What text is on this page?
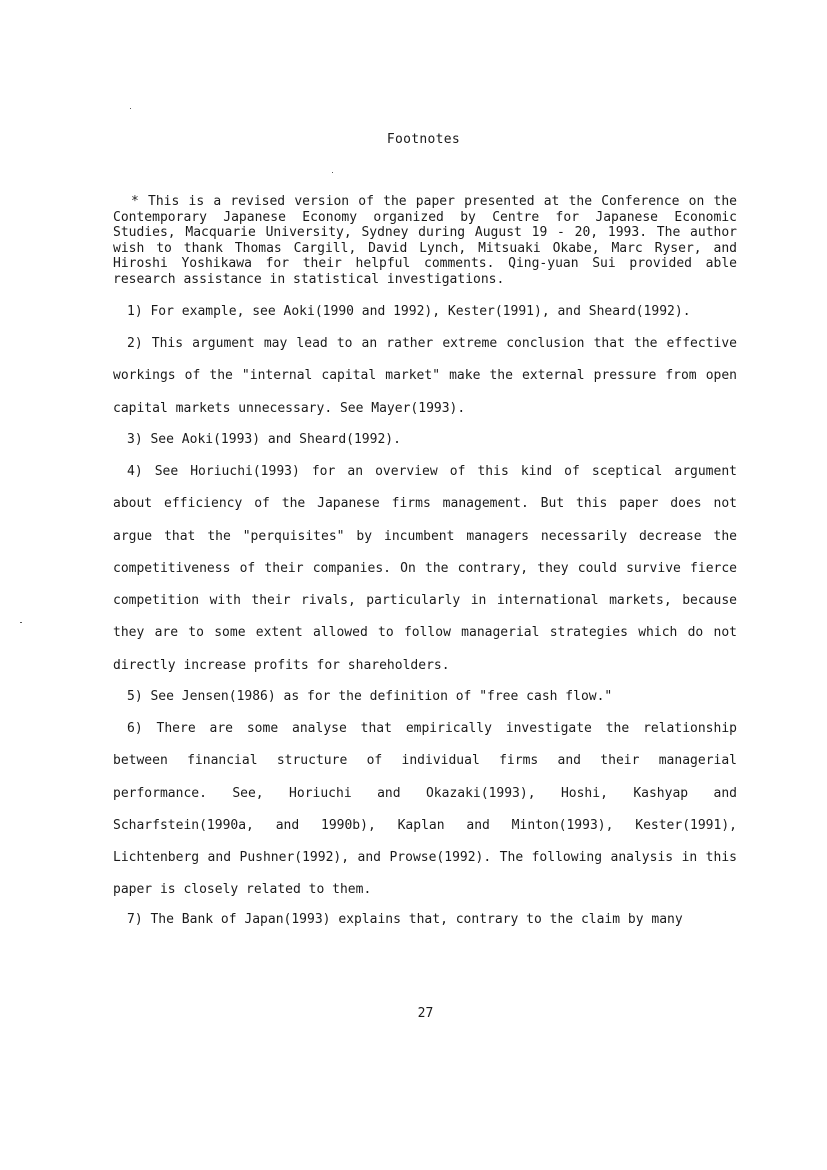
Footnotes
* This is a revised version of the paper presented at the Conference on the Contemporary Japanese Economy organized by Centre for Japanese Economic Studies, Macquarie University, Sydney during August 19 - 20, 1993. The author wish to thank Thomas Cargill, David Lynch, Mitsuaki Okabe, Marc Ryser, and Hiroshi Yoshikawa for their helpful comments. Qing-yuan Sui provided able research assistance in statistical investigations.
1) For example, see Aoki(1990 and 1992), Kester(1991), and Sheard(1992).
2) This argument may lead to an rather extreme conclusion that the effective workings of the "internal capital market" make the external pressure from open capital markets unnecessary. See Mayer(1993).
3) See Aoki(1993) and Sheard(1992).
4) See Horiuchi(1993) for an overview of this kind of sceptical argument about efficiency of the Japanese firms management. But this paper does not argue that the "perquisites" by incumbent managers necessarily decrease the competitiveness of their companies. On the contrary, they could survive fierce competition with their rivals, particularly in international markets, because they are to some extent allowed to follow managerial strategies which do not directly increase profits for shareholders.
5) See Jensen(1986) as for the definition of "free cash flow."
6) There are some analyse that empirically investigate the relationship between financial structure of individual firms and their managerial performance. See, Horiuchi and Okazaki(1993), Hoshi, Kashyap and Scharfstein(1990a, and 1990b), Kaplan and Minton(1993), Kester(1991), Lichtenberg and Pushner(1992), and Prowse(1992). The following analysis in this paper is closely related to them.
7) The Bank of Japan(1993) explains that, contrary to the claim by many
27
